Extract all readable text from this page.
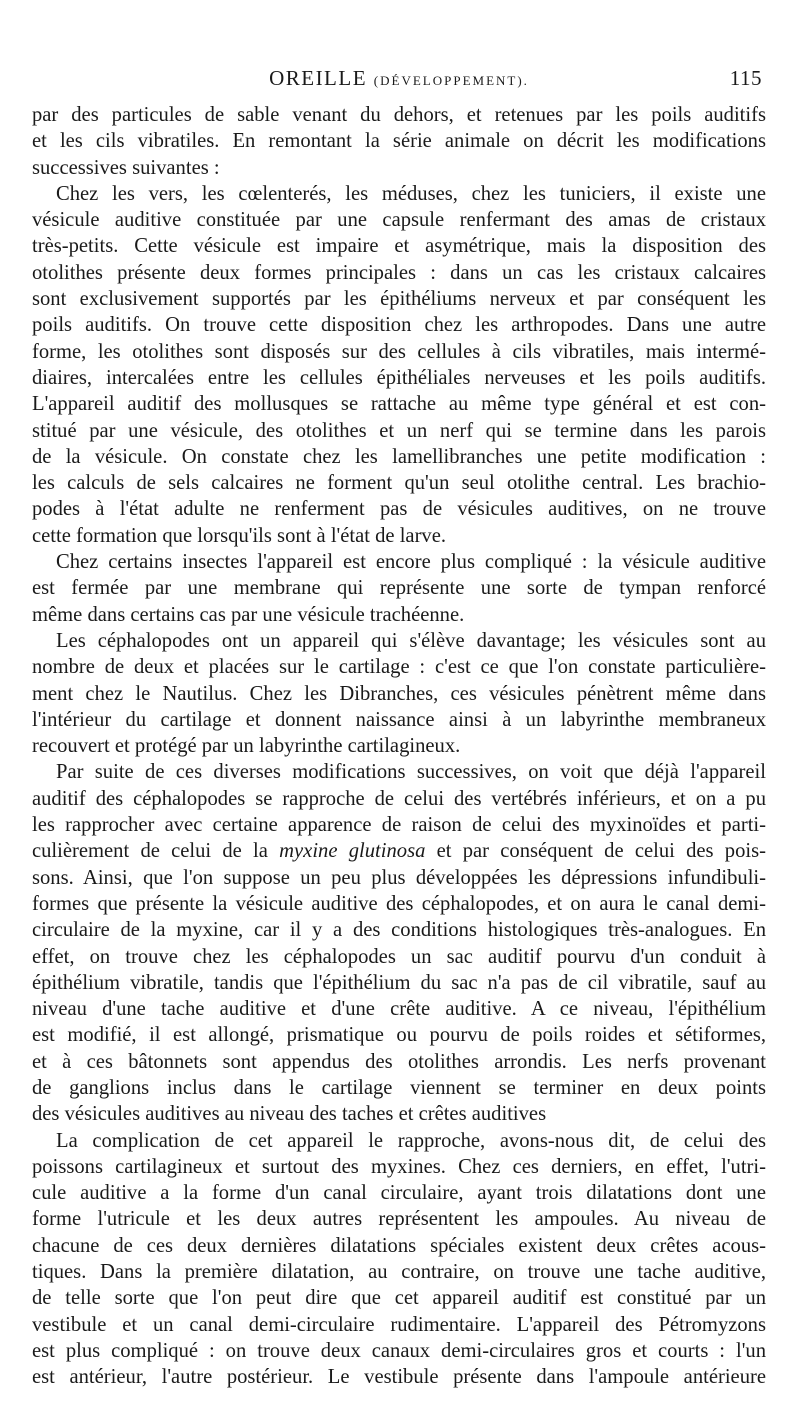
OREILLE (DÉVELOPPEMENT).	115

par des particules de sable venant du dehors, et retenues par les poils auditifs
et les cils vibratiles. En remontant la série animale on décrit les modifications
successives suivantes :

Chez les vers, les cœlenterés, les méduses, chez les tuniciers, il existe une
vésicule auditive constituée par une capsule renfermant des amas de cristaux
très-petits. Cette vésicule est impaire et asymétrique, mais la disposition des
otolithes présente deux formes principales : dans un cas les cristaux calcaires
sont exclusivement supportés par les épithéliums nerveux et par conséquent les
poils auditifs. On trouve cette disposition chez les arthropodes. Dans une autre
forme, les otolithes sont disposés sur des cellules à cils vibratiles, mais intermé-
diaires, intercalées entre les cellules épithéliales nerveuses et les poils auditifs.
L'appareil auditif des mollusques se rattache au même type général et est con-
stitué par une vésicule, des otolithes et un nerf qui se termine dans les parois
de la vésicule. On constate chez les lamellibranches une petite modification :
les calculs de sels calcaires ne forment qu'un seul otolithe central. Les brachio-
podes à l'état adulte ne renferment pas de vésicules auditives, on ne trouve
cette formation que lorsqu'ils sont à l'état de larve.

Chez certains insectes l'appareil est encore plus compliqué : la vésicule auditive
est fermée par une membrane qui représente une sorte de tympan renforcé
même dans certains cas par une vésicule trachéenne.

Les céphalopodes ont un appareil qui s'élève davantage; les vésicules sont au
nombre de deux et placées sur le cartilage : c'est ce que l'on constate particulière-
ment chez le Nautilus. Chez les Dibranches, ces vésicules pénètrent même dans
l'intérieur du cartilage et donnent naissance ainsi à un labyrinthe membraneux
recouvert et protégé par un labyrinthe cartilagineux.

Par suite de ces diverses modifications successives, on voit que déjà l'appareil
auditif des céphalopodes se rapproche de celui des vertébrés inférieurs, et on a pu
les rapprocher avec certaine apparence de raison de celui des myxinoïdes et parti-
culièrement de celui de la myxine glutinosa et par conséquent de celui des pois-
sons. Ainsi, que l'on suppose un peu plus dévelοppées les dépressions infundibuli-
formes que présente la vésicule auditive des céphalopodes, et on aura le canal demi-
circulaire de la myxine, car il y a des conditions histologiques très-analogues. En
effet, on trouve chez les céphalopodes un sac auditif pourvu d'un conduit à
épithélium vibratile, tandis que l'épithélium du sac n'a pas de cil vibratile, sauf au
niveau d'une tache auditive et d'une crête auditive. A ce niveau, l'épithélium
est modifié, il est allongé, prismatique ou pourvu de poils roides et sétiformes,
et à ces bâtonnets sont appendus des otolithes arrondis. Les nerfs provenant
de ganglions inclus dans le cartilage viennent se terminer en deux points
des vésicules auditives au niveau des taches et crêtes auditives

La complication de cet appareil le rapproche, avons-nous dit, de celui des
poissons cartilagineux et surtout des myxines. Chez ces derniers, en effet, l'utri-
cule auditive a la forme d'un canal circulaire, ayant trois dilatations dont une
forme l'utricule et les deux autres représentent les ampoules. Au niveau de
chacune de ces deux dernières dilatations spéciales existent deux crêtes acous-
tiques. Dans la première dilatation, au contraire, on trouve une tache auditive,
de telle sorte que l'on peut dire que cet appareil auditif est constitué par un
vestibule et un canal demi-circulaire rudimentaire. L'appareil des Pétromyzons
est plus compliqué : on trouve deux canaux demi-circulaires gros et courts : l'un
est antérieur, l'autre postérieur. Le vestibule présente dans l'ampoule antérieure
